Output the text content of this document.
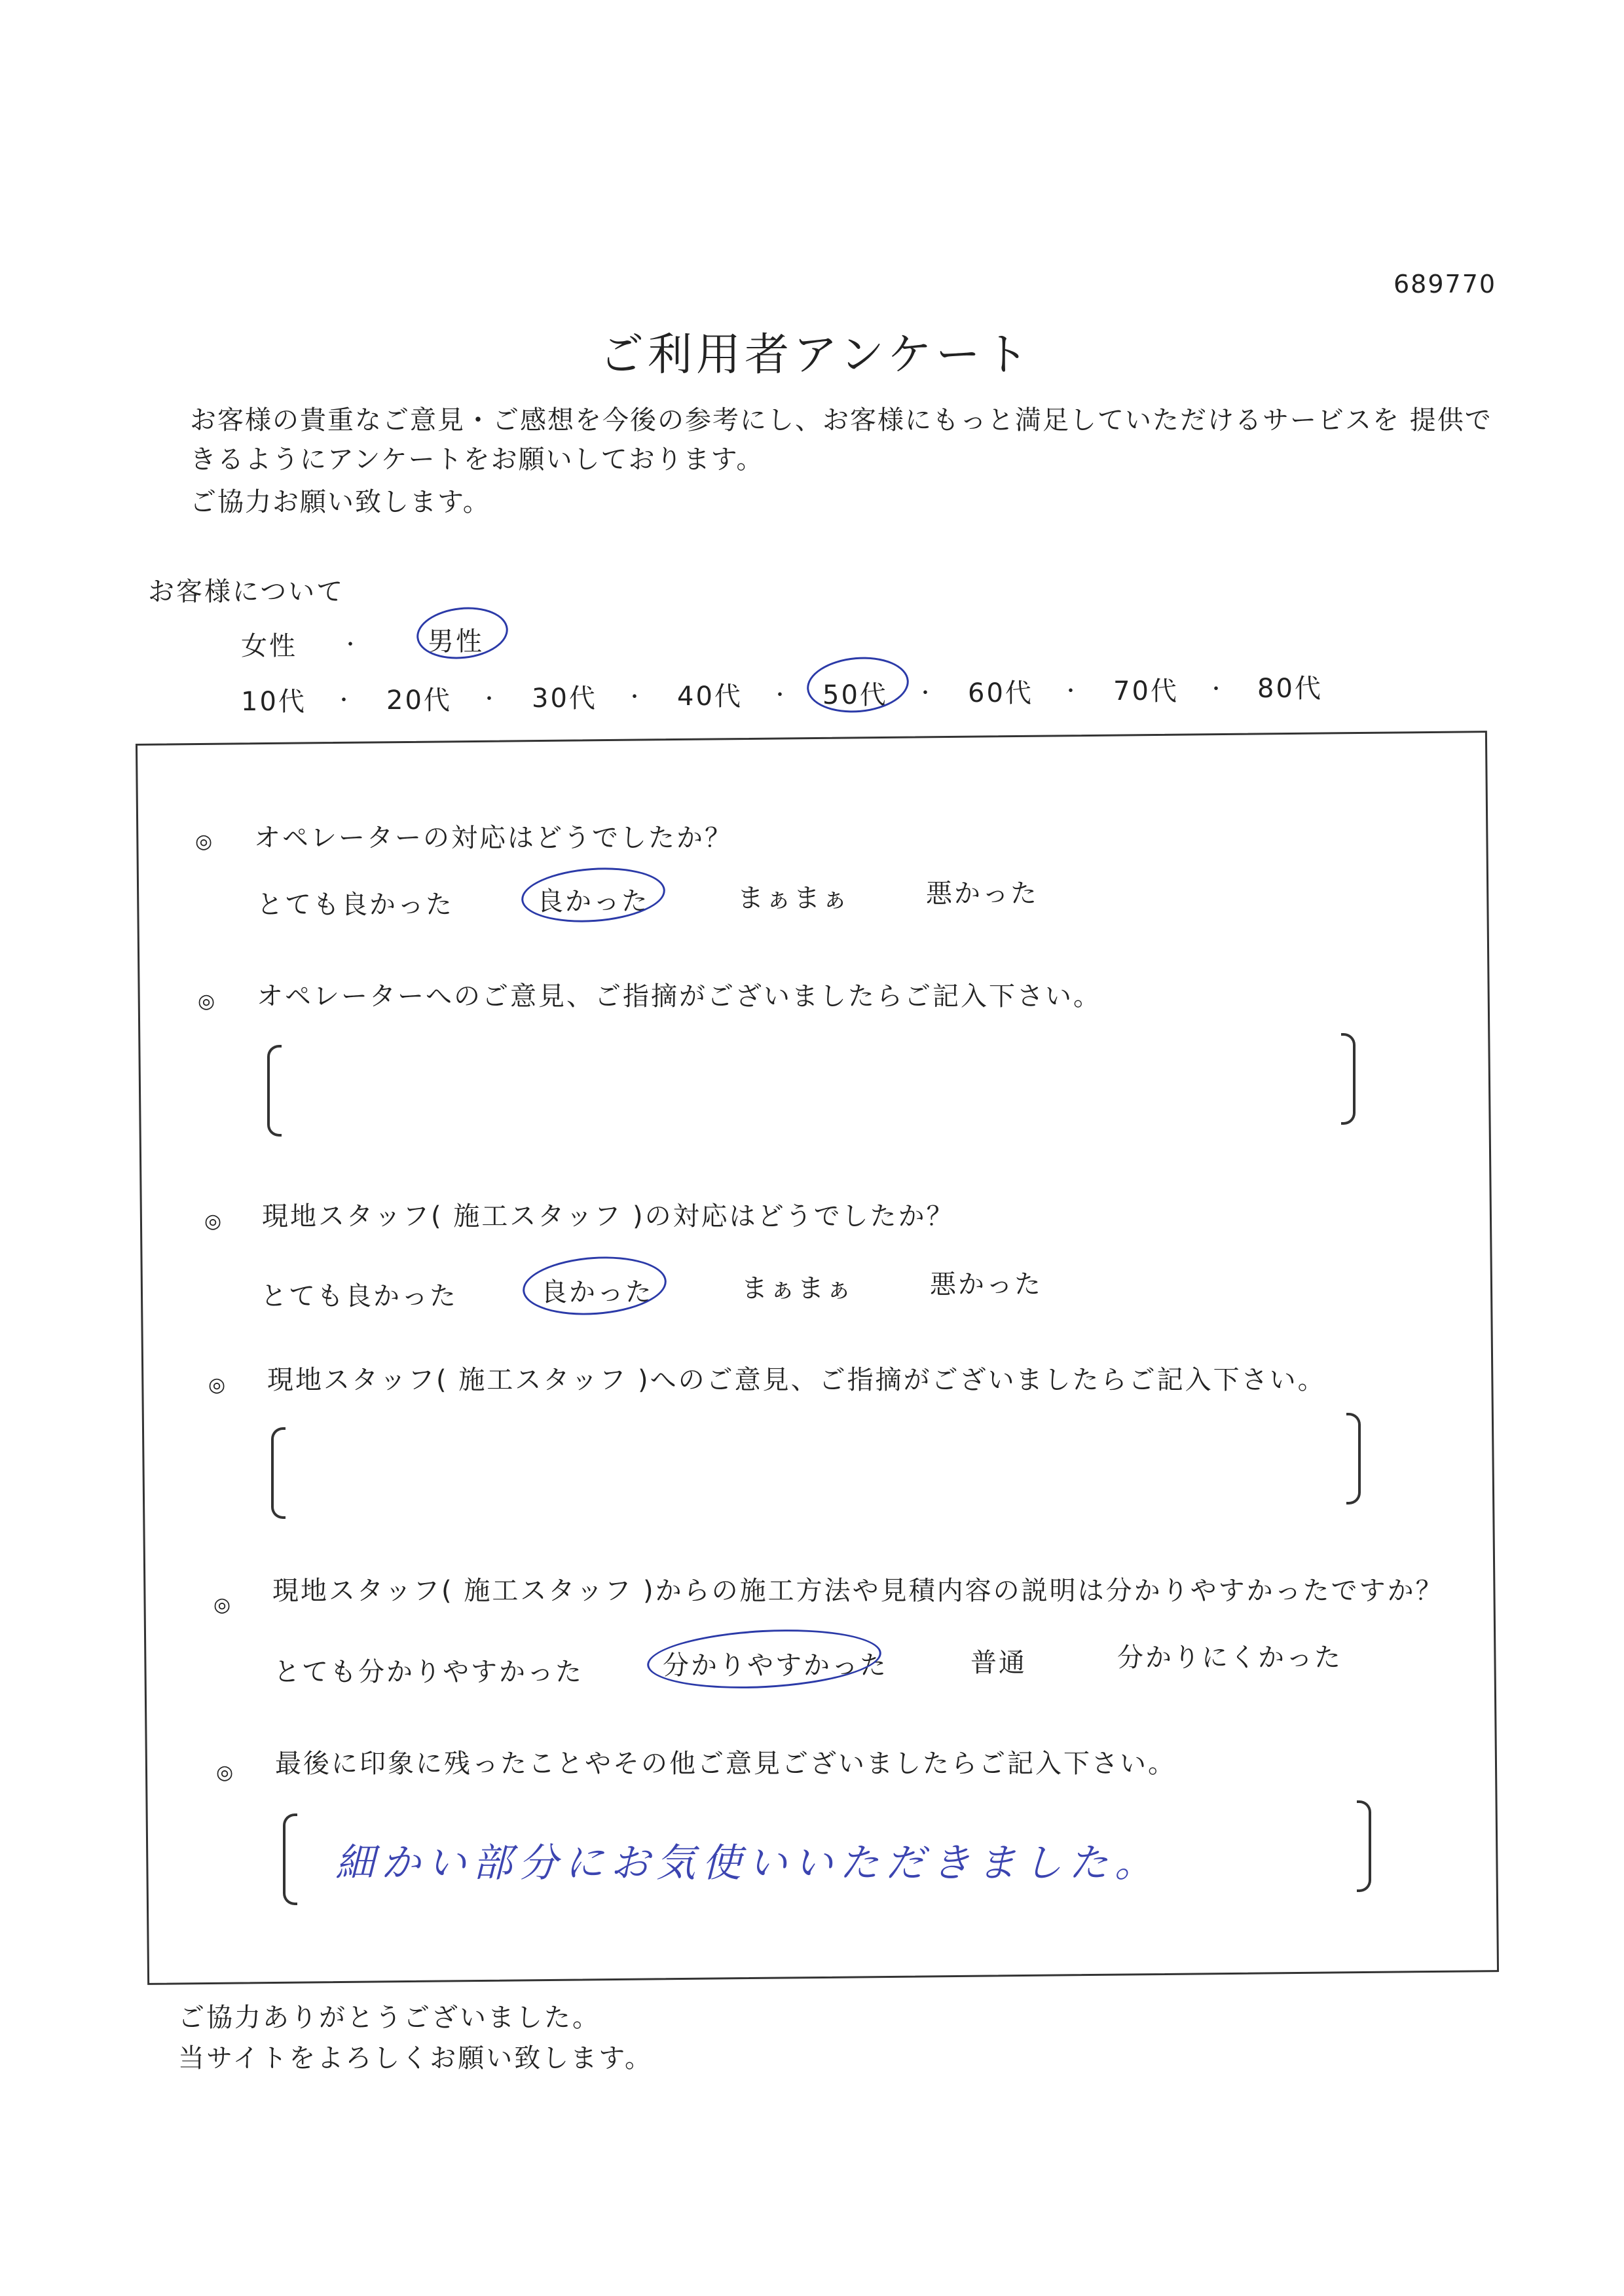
689770
ご利用者アンケート
お客様の貴重なご意見・ご感想を今後の参考にし、お客様にもっと満足していただけるサービスを 提供で
きるようにアンケートをお願いしております。
ご協力お願い致します。
お客様について
女性 ・	男性
10代 ・ 20代 ・ 30代 ・ 40代 ・ 50代 ・ 60代 ・ 70代 ・ 80代
◎ オペレーターの対応はどうでしたか？
とても良かった	良かった	まぁまぁ	悪かった
◎ オペレーターへのご意見、ご指摘がございましたらご記入下さい。
◎ 現地スタッフ( 施工スタッフ )の対応はどうでしたか？
とても良かった	良かった	まぁまぁ	悪かった
◎ 現地スタッフ( 施工スタッフ )へのご意見、ご指摘がございましたらご記入下さい。
◎ 現地スタッフ( 施工スタッフ )からの施工方法や見積内容の説明は分かりやすかったですか？
とても分かりやすかった	分かりやすかった	普通	分かりにくかった
◎ 最後に印象に残ったことやその他ご意見ございましたらご記入下さい。
細かい部分にお気使いいただきました。
ご協力ありがとうございました。
当サイトをよろしくお願い致します。
